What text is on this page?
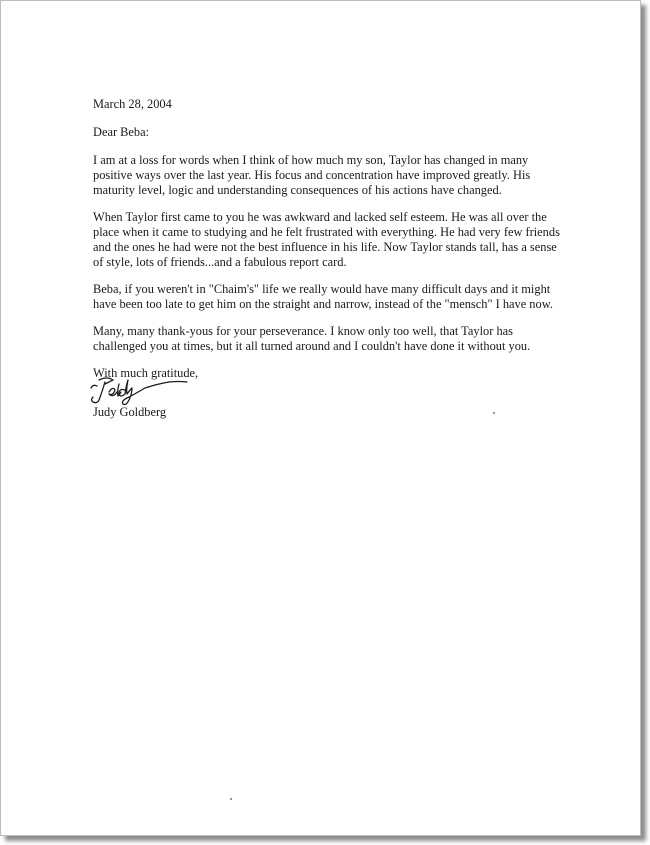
March 28, 2004

Dear Beba:

I am at a loss for words when I think of how much my son, Taylor has changed in many positive ways over the last year. His focus and concentration have improved greatly. His maturity level, logic and understanding consequences of his actions have changed.

When Taylor first came to you he was awkward and lacked self esteem. He was all over the place when it came to studying and he felt frustrated with everything. He had very few friends and the ones he had were not the best influence in his life. Now Taylor stands tall, has a sense of style, lots of friends...and a fabulous report card.

Beba, if you weren't in "Chaim's" life we really would have many difficult days and it might have been too late to get him on the straight and narrow, instead of the "mensch" I have now.

Many, many thank-yous for your perseverance. I know only too well, that Taylor has challenged you at times, but it all turned around and I couldn't have done it without you.

With much gratitude,

Judy Goldberg
